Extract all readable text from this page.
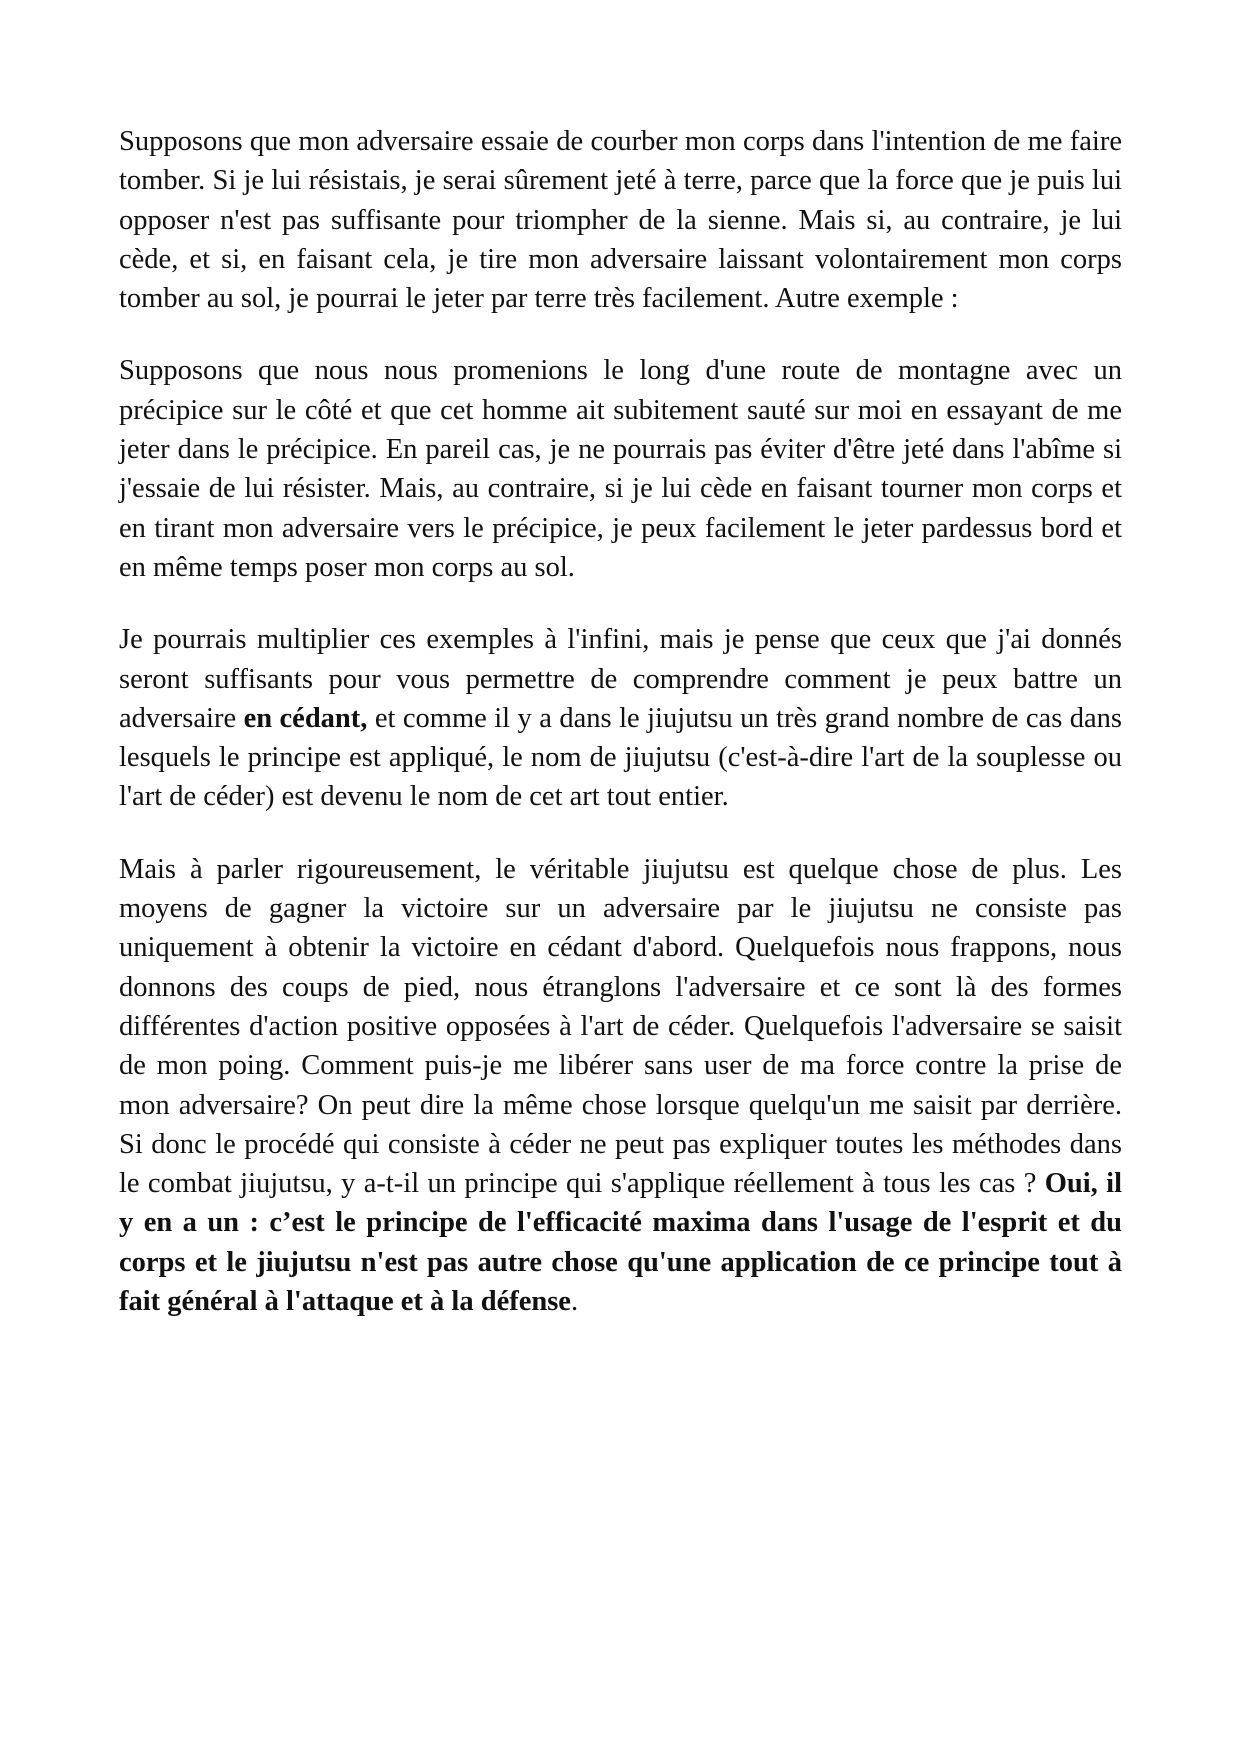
Supposons que mon adversaire essaie de courber mon corps dans l'intention de me faire tomber. Si je lui résistais, je serai sûrement jeté à terre, parce que la force que je puis lui opposer n'est pas suffisante pour triompher de la sienne. Mais si, au contraire, je lui cède, et si, en faisant cela, je tire mon adversaire laissant volontairement mon corps tomber au sol, je pourrai le jeter par terre très facilement. Autre exemple :

Supposons que nous nous promenions le long d'une route de montagne avec un précipice sur le côté et que cet homme ait subitement sauté sur moi en essayant de me jeter dans le précipice. En pareil cas, je ne pourrais pas éviter d'être jeté dans l'abîme si j'essaie de lui résister. Mais, au contraire, si je lui cède en faisant tourner mon corps et en tirant mon adversaire vers le précipice, je peux facilement le jeter pardessus bord et en même temps poser mon corps au sol.

Je pourrais multiplier ces exemples à l'infini, mais je pense que ceux que j'ai donnés seront suffisants pour vous permettre de comprendre comment je peux battre un adversaire en cédant, et comme il y a dans le jiujutsu un très grand nombre de cas dans lesquels le principe est appliqué, le nom de jiujutsu (c'est-à-dire l'art de la souplesse ou l'art de céder) est devenu le nom de cet art tout entier.

Mais à parler rigoureusement, le véritable jiujutsu est quelque chose de plus. Les moyens de gagner la victoire sur un adversaire par le jiujutsu ne consiste pas uniquement à obtenir la victoire en cédant d'abord. Quelquefois nous frappons, nous donnons des coups de pied, nous étranglons l'adversaire et ce sont là des formes différentes d'action positive opposées à l'art de céder. Quelquefois l'adversaire se saisit de mon poing. Comment puis-je me libérer sans user de ma force contre la prise de mon adversaire? On peut dire la même chose lorsque quelqu'un me saisit par derrière. Si donc le procédé qui consiste à céder ne peut pas expliquer toutes les méthodes dans le combat jiujutsu, y a-t-il un principe qui s'applique réellement à tous les cas ? Oui, il y en a un : c’est le principe de l'efficacité maxima dans l'usage de l'esprit et du corps et le jiujutsu n'est pas autre chose qu'une application de ce principe tout à fait général à l'attaque et à la défense.
